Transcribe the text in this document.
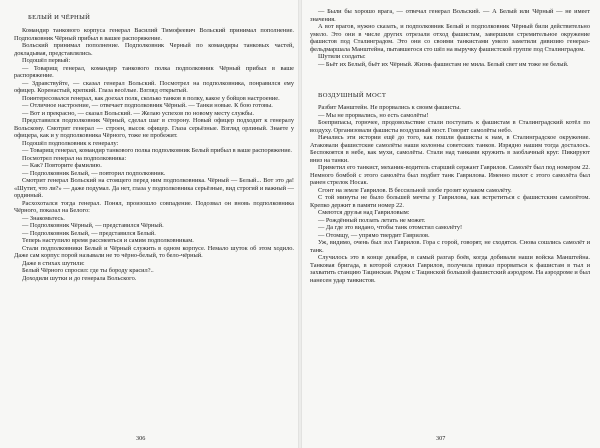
БЕЛЫЙ И ЧЁРНЫЙ

Командир танкового корпуса генерал Василий Тимофеевич Вольский принимал пополнение. Подполковник Чёрный прибыл в вашее распоряжение.

Вольский принимал пополнение. Подполковник Черный по командиры танковых частей, докладывая, представлялись.

Подошёл первый:

— Товарищ генерал, командир танкового полка подполковник Чёрный прибыл в ваше распоряжение.

— Здравствуйте, — сказал генерал Вольский. Посмотрел на подполковника, понравился ему офицер. Коренастый, крепкий. Глаза весёлые. Взгляд открытый.

Поинтересовался генерал, как доехал полк, сколько танков в полку, какое у бойцов настроение.

— Отличное настроение, — отвечает подполковник Чёрный. — Танки новые. К бою готовы.

— Вот и прекрасно, — сказал Вольский. — Желаю успехов по новому месту службы.

Представился подполковник Чёрный, сделал шаг в сторону. Новый офицер подходит к генералу Вольскому. Смотрит генерал — строен, высок офицер. Глаза серьёзные. Взгляд орлиный. Знаете у офицера, как и у подполковника Чёрного, тоже не пробежит.

Подошёл подполковник к генералу:

— Товарищ генерал, командир танкового полка подполковник Белый прибыл в ваше распоряжение.

Посмотрел генерал на подполковника:

— Как? Повторите фамилию.

— Подполковник Белый, — повторил подполковник.

Смотрит генерал Вольский на стоящего перед ним подполковника. Чёрный — Белый... Вот это да! «Шутит, что ли?» — даже подумал. Да нет, глаза у подполковника серьёзные, вид строгий и важный — ординный.

Расхохотался тогда генерал. Понял, произошло совпадение. Подозвал он вновь подполковника Чёрного, показал на Белого:

— Знакомьтесь.

— Подполковник Чёрный, — представился Чёрный.

— Подполковник Белый, — представился Белый.

Теперь наступило время рассмеяться и самим подполковникам.

Стали подполковники Белый и Чёрный служить в одном корпусе. Немало шуток об этом ходило. Даже сам корпус порой называли не то чёрно-белый, то бело-чёрный.

Даже в стихах шутили:

Белый Чёрного спросил: где ты бороду красил?..

Доходили шутки и до генерала Вольского.

306

— Были бы хорошо врага, — отвечал генерал Вольский. — А Белый или Чёрный — не имеет значения.

А вот врагов, нужно сказать, и подполковник Белый и подполковник Чёрный били действительно умело. Это они в числе других отрезали отход фашистам, завершили стремительное окружение фашистов под Сталинградом. Это они со своими танкистами умело заметили дивизию генерал-фельдмаршала Манштейна, пытавшегося сто шёл на выручку фашистской группе под Сталинградом.

Шутили солдаты:

— Бьёт их Белый, бьёт их Чёрный. Жизнь фашистам не мила. Белый свет им тоже не белый.

ВОЗДУШНЫЙ МОСТ

Разбит Манштейн. Не прорвались к своим фашисты.

— Мы не прорвались, но есть самолёты!

Боеприпасы, горючее, продовольствие стали поступать к фашистам в Сталинградский котёл по воздуху. Организовали фашисты воздушный мост. Говорят самолёты небо.

Начались эти истории ещё до того, как пошли фашисты к нам, в Сталинградское окружение. Атаковали фашистские самолёты наши колонны советских танков. Изрядно нашим тогда досталось. Беспокоятся в небе, как мухи, самолёты. Стали над танками кружить в заоблачный круг. Пикируют вниз на танки.

Приметил его танкист, механик-водитель старший сержант Гаврилов. Самолёт был под номером 22. Немного бомбой с этого самолёта был подбит танк Гаврилова. Именно пилот с этого самолёта был ранен стрелок Носак.

Сгонт на земле Гаврилов. В бессильной злобе грозит кулаком самолёту.

С той минуты не было большей мечты у Гаврилова, как встретиться с фашистским самолётом. Крепко держит в памяти номер 22.

Смеются друзья над Гавриловым:

— Рождённый ползать летать не может.

— Да где это видано, чтобы танк отомстил самолёту!

— Отомщу, — упрямо твердит Гаврилов.

Уж, видимо, очень был зол Гаврилов. Гора с горой, говорят, не сходятся. Снова сошлись самолёт и танк.

Случилось это в конце декабря, в самый разгар боёв, когда добивали наши войска Манштейна. Танковая бригада, в которой служил Гаврилов, получила приказ прорваться к фашистам в тыл и захватить станцию Тацинская. Рядом с Тацинской большой фашистский аэродром. На аэродроме и был нанесен удар танкистов.

307
